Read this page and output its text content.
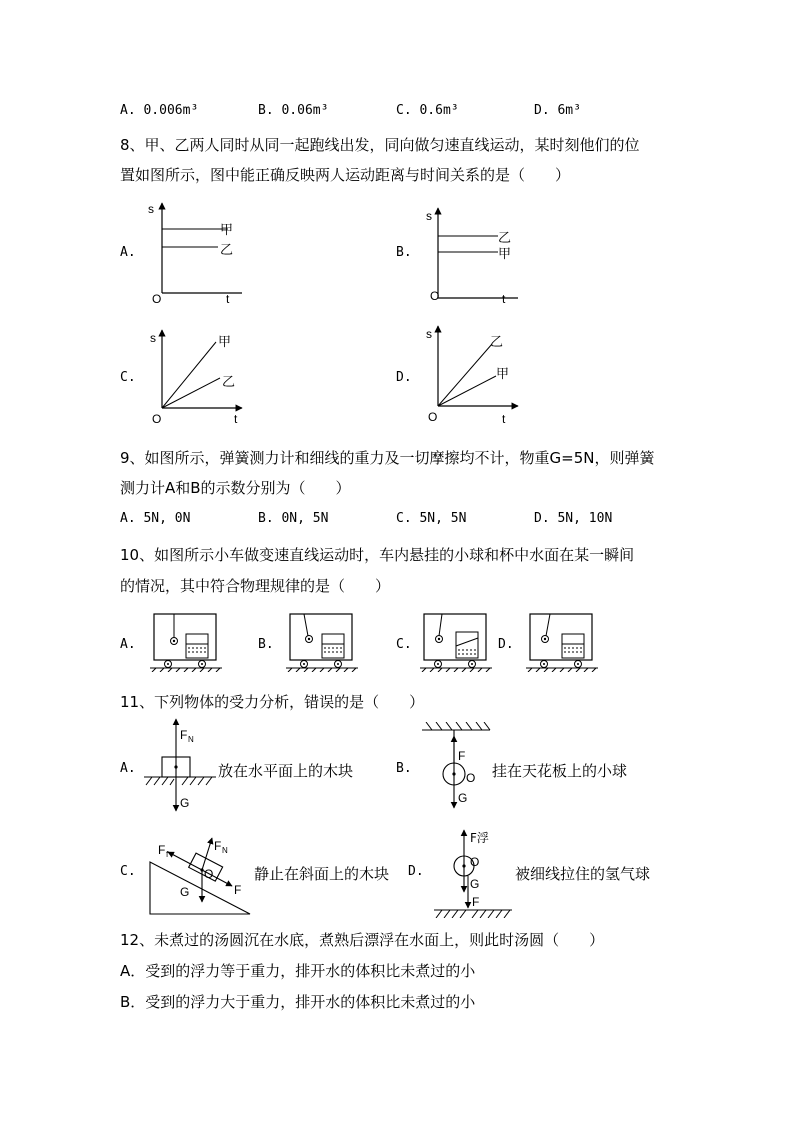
A. 0.006m³	B. 0.06m³	C. 0.6m³	D. 6m³
8、甲、乙两人同时从同一起跑线出发，同向做匀速直线运动，某时刻他们的位
置如图所示，图中能正确反映两人运动距离与时间关系的是（　　）
A.	B.
C.	D.
s
O	t
甲
乙
s
O	t
乙
甲
s
O	t
甲
乙
s
O	t
乙
甲
9、如图所示，弹簧测力计和细线的重力及一切摩擦均不计，物重G=5N，则弹簧
测力计A和B的示数分别为（　　）
A. 5N, 0N	B. 0N, 5N	C. 5N, 5N	D. 5N, 10N
10、如图所示小车做变速直线运动时，车内悬挂的小球和杯中水面在某一瞬间
的情况，其中符合物理规律的是（　　）
A.	B.	C.	D.
11、下列物体的受力分析，错误的是（　　）
A.	B.
C.	D.
放在水平面上的木块	挂在天花板上的小球
静止在斜面上的木块	被细线拉住的氢气球
F N
G
F
O
G
F f
F N
O
G	F
F浮
O
G
F
12、未煮过的汤圆沉在水底，煮熟后漂浮在水面上，则此时汤圆（　　）
A．受到的浮力等于重力，排开水的体积比未煮过的小
B．受到的浮力大于重力，排开水的体积比未煮过的小
